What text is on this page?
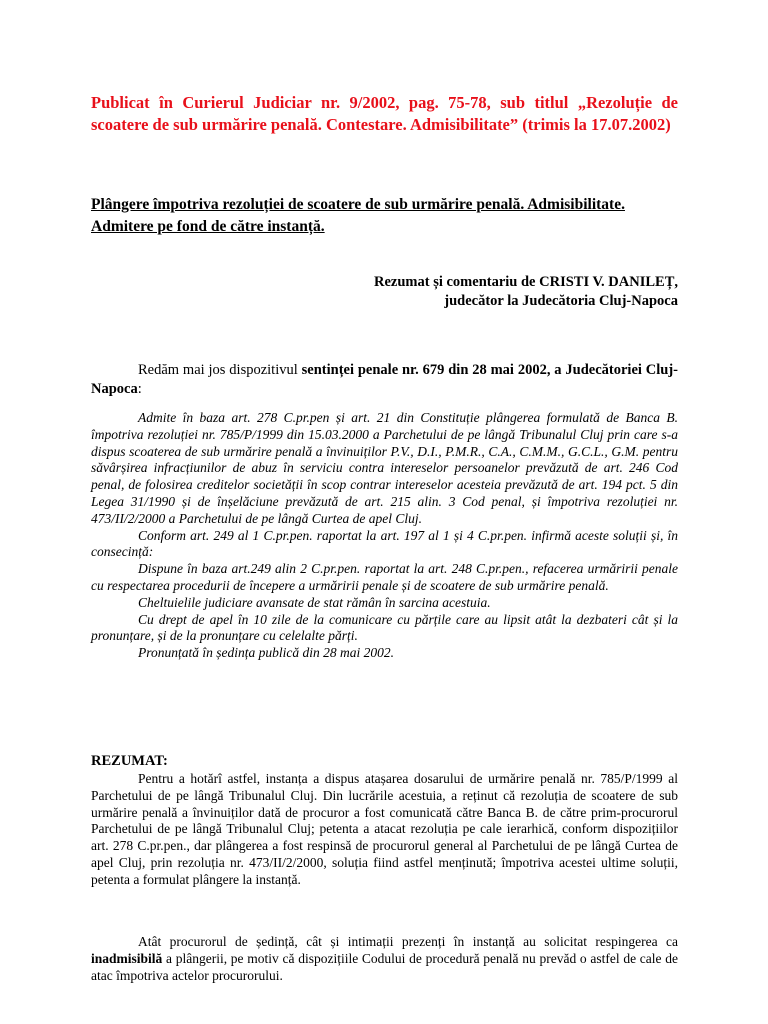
Publicat în Curierul Judiciar nr. 9/2002, pag. 75-78, sub titlul „Rezoluție de scoatere de sub urmărire penală. Contestare. Admisibilitate” (trimis la 17.07.2002)
Plângere împotriva rezoluției de scoatere de sub urmărire penală. Admisibilitate.
Admitere pe fond de către instanță.
Rezumat și comentariu de CRISTI V. DANILEȚ,
judecător la Judecătoria Cluj-Napoca

Redăm mai jos dispozitivul sentinței penale nr. 679 din 28 mai 2002, a Judecătoriei Cluj-Napoca:

Admite în baza art. 278 C.pr.pen și art. 21 din Constituție plângerea formulată de Banca B. împotriva rezoluției nr. 785/P/1999 din 15.03.2000 a Parchetului de pe lângă Tribunalul Cluj prin care s-a dispus scoaterea de sub urmărire penală a învinuiților P.V., D.I., P.M.R., C.A., C.M.M., G.C.L., G.M. pentru săvârșirea infracțiunilor de abuz în serviciu contra intereselor persoanelor prevăzută de art. 246 Cod penal, de folosirea creditelor societății în scop contrar intereselor acesteia prevăzută de art. 194 pct. 5 din Legea 31/1990 și de înșelăciune prevăzută de art. 215 alin. 3 Cod penal, și împotriva rezoluției nr. 473/II/2/2000 a Parchetului de pe lângă Curtea de apel Cluj.

Conform art. 249 al 1 C.pr.pen. raportat la art. 197 al 1 și 4 C.pr.pen. infirmă aceste soluții și, în consecință:

Dispune în baza art.249 alin 2 C.pr.pen. raportat la art. 248 C.pr.pen., refacerea urmăririi penale cu respectarea procedurii de începere a urmăririi penale și de scoatere de sub urmărire penală.

Cheltuielile judiciare avansate de stat rămân în sarcina acestuia.

Cu drept de apel în 10 zile de la comunicare cu părțile care au lipsit atât la dezbateri cât și la pronunțare, și de la pronunțare cu celelalte părți.

Pronunțată în ședința publică din 28 mai 2002.

REZUMAT:

Pentru a hotărî astfel, instanța a dispus atașarea dosarului de urmărire penală nr. 785/P/1999 al Parchetului de pe lângă Tribunalul Cluj. Din lucrările acestuia, a reținut că rezoluția de scoatere de sub urmărire penală a învinuiților dată de procuror a fost comunicată către Banca B. de către prim-procurorul Parchetului de pe lângă Tribunalul Cluj; petenta a atacat rezoluția pe cale ierarhică, conform dispozițiilor art. 278 C.pr.pen., dar plângerea a fost respinsă de procurorul general al Parchetului de pe lângă Curtea de apel Cluj, prin rezoluția nr. 473/II/2/2000, soluția fiind astfel menținută; împotriva acestei ultime soluții, petenta a formulat plângere la instanță.

Atât procurorul de ședință, cât și intimații prezenți în instanță au solicitat respingerea ca inadmisibilă a plângerii, pe motiv că dispozițiile Codului de procedură penală nu prevăd o astfel de cale de atac împotriva actelor procurorului.
